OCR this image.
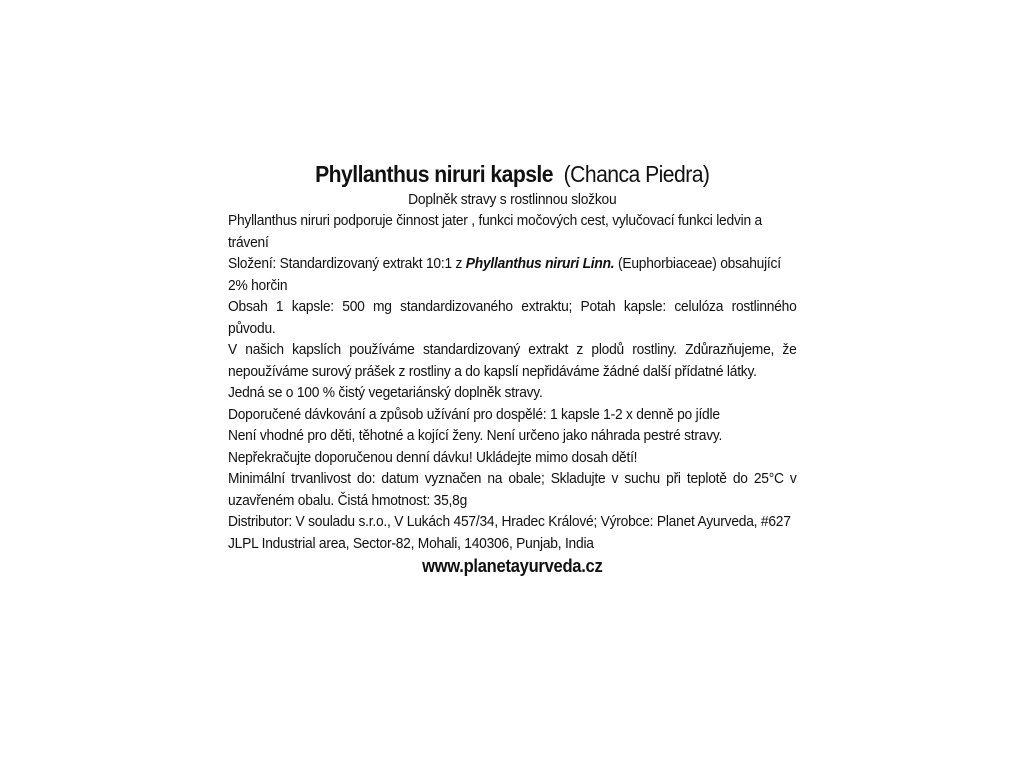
Phyllanthus niruri kapsle (Chanca Piedra)
Doplněk stravy s rostlinnou složkou
Phyllanthus niruri podporuje činnost jater , funkci močových cest, vylučovací funkci ledvin a trávení
Složení: Standardizovaný extrakt 10:1 z Phyllanthus niruri Linn. (Euphorbiaceae) obsahující 2% horčin
Obsah 1 kapsle: 500 mg standardizovaného extraktu; Potah kapsle: celulóza rostlinného původu.
V našich kapslích používáme standardizovaný extrakt z plodů rostliny. Zdůrazňujeme, že nepoužíváme surový prášek z rostliny a do kapslí nepřidáváme žádné další přídatné látky.
Jedná se o 100 % čistý vegetariánský doplněk stravy.
Doporučené dávkování a způsob užívání pro dospělé: 1 kapsle 1-2 x denně po jídle
Není vhodné pro děti, těhotné a kojící ženy. Není určeno jako náhrada pestré stravy.
Nepřekračujte doporučenou denní dávku! Ukládejte mimo dosah dětí!
Minimální trvanlivost do: datum vyznačen na obale; Skladujte v suchu při teplotě do 25°C v uzavřeném obalu. Čistá hmotnost: 35,8g
Distributor: V souladu s.r.o., V Lukách 457/34, Hradec Králové; Výrobce: Planet Ayurveda, #627 JLPL Industrial area, Sector-82, Mohali, 140306, Punjab, India
www.planetayurveda.cz
